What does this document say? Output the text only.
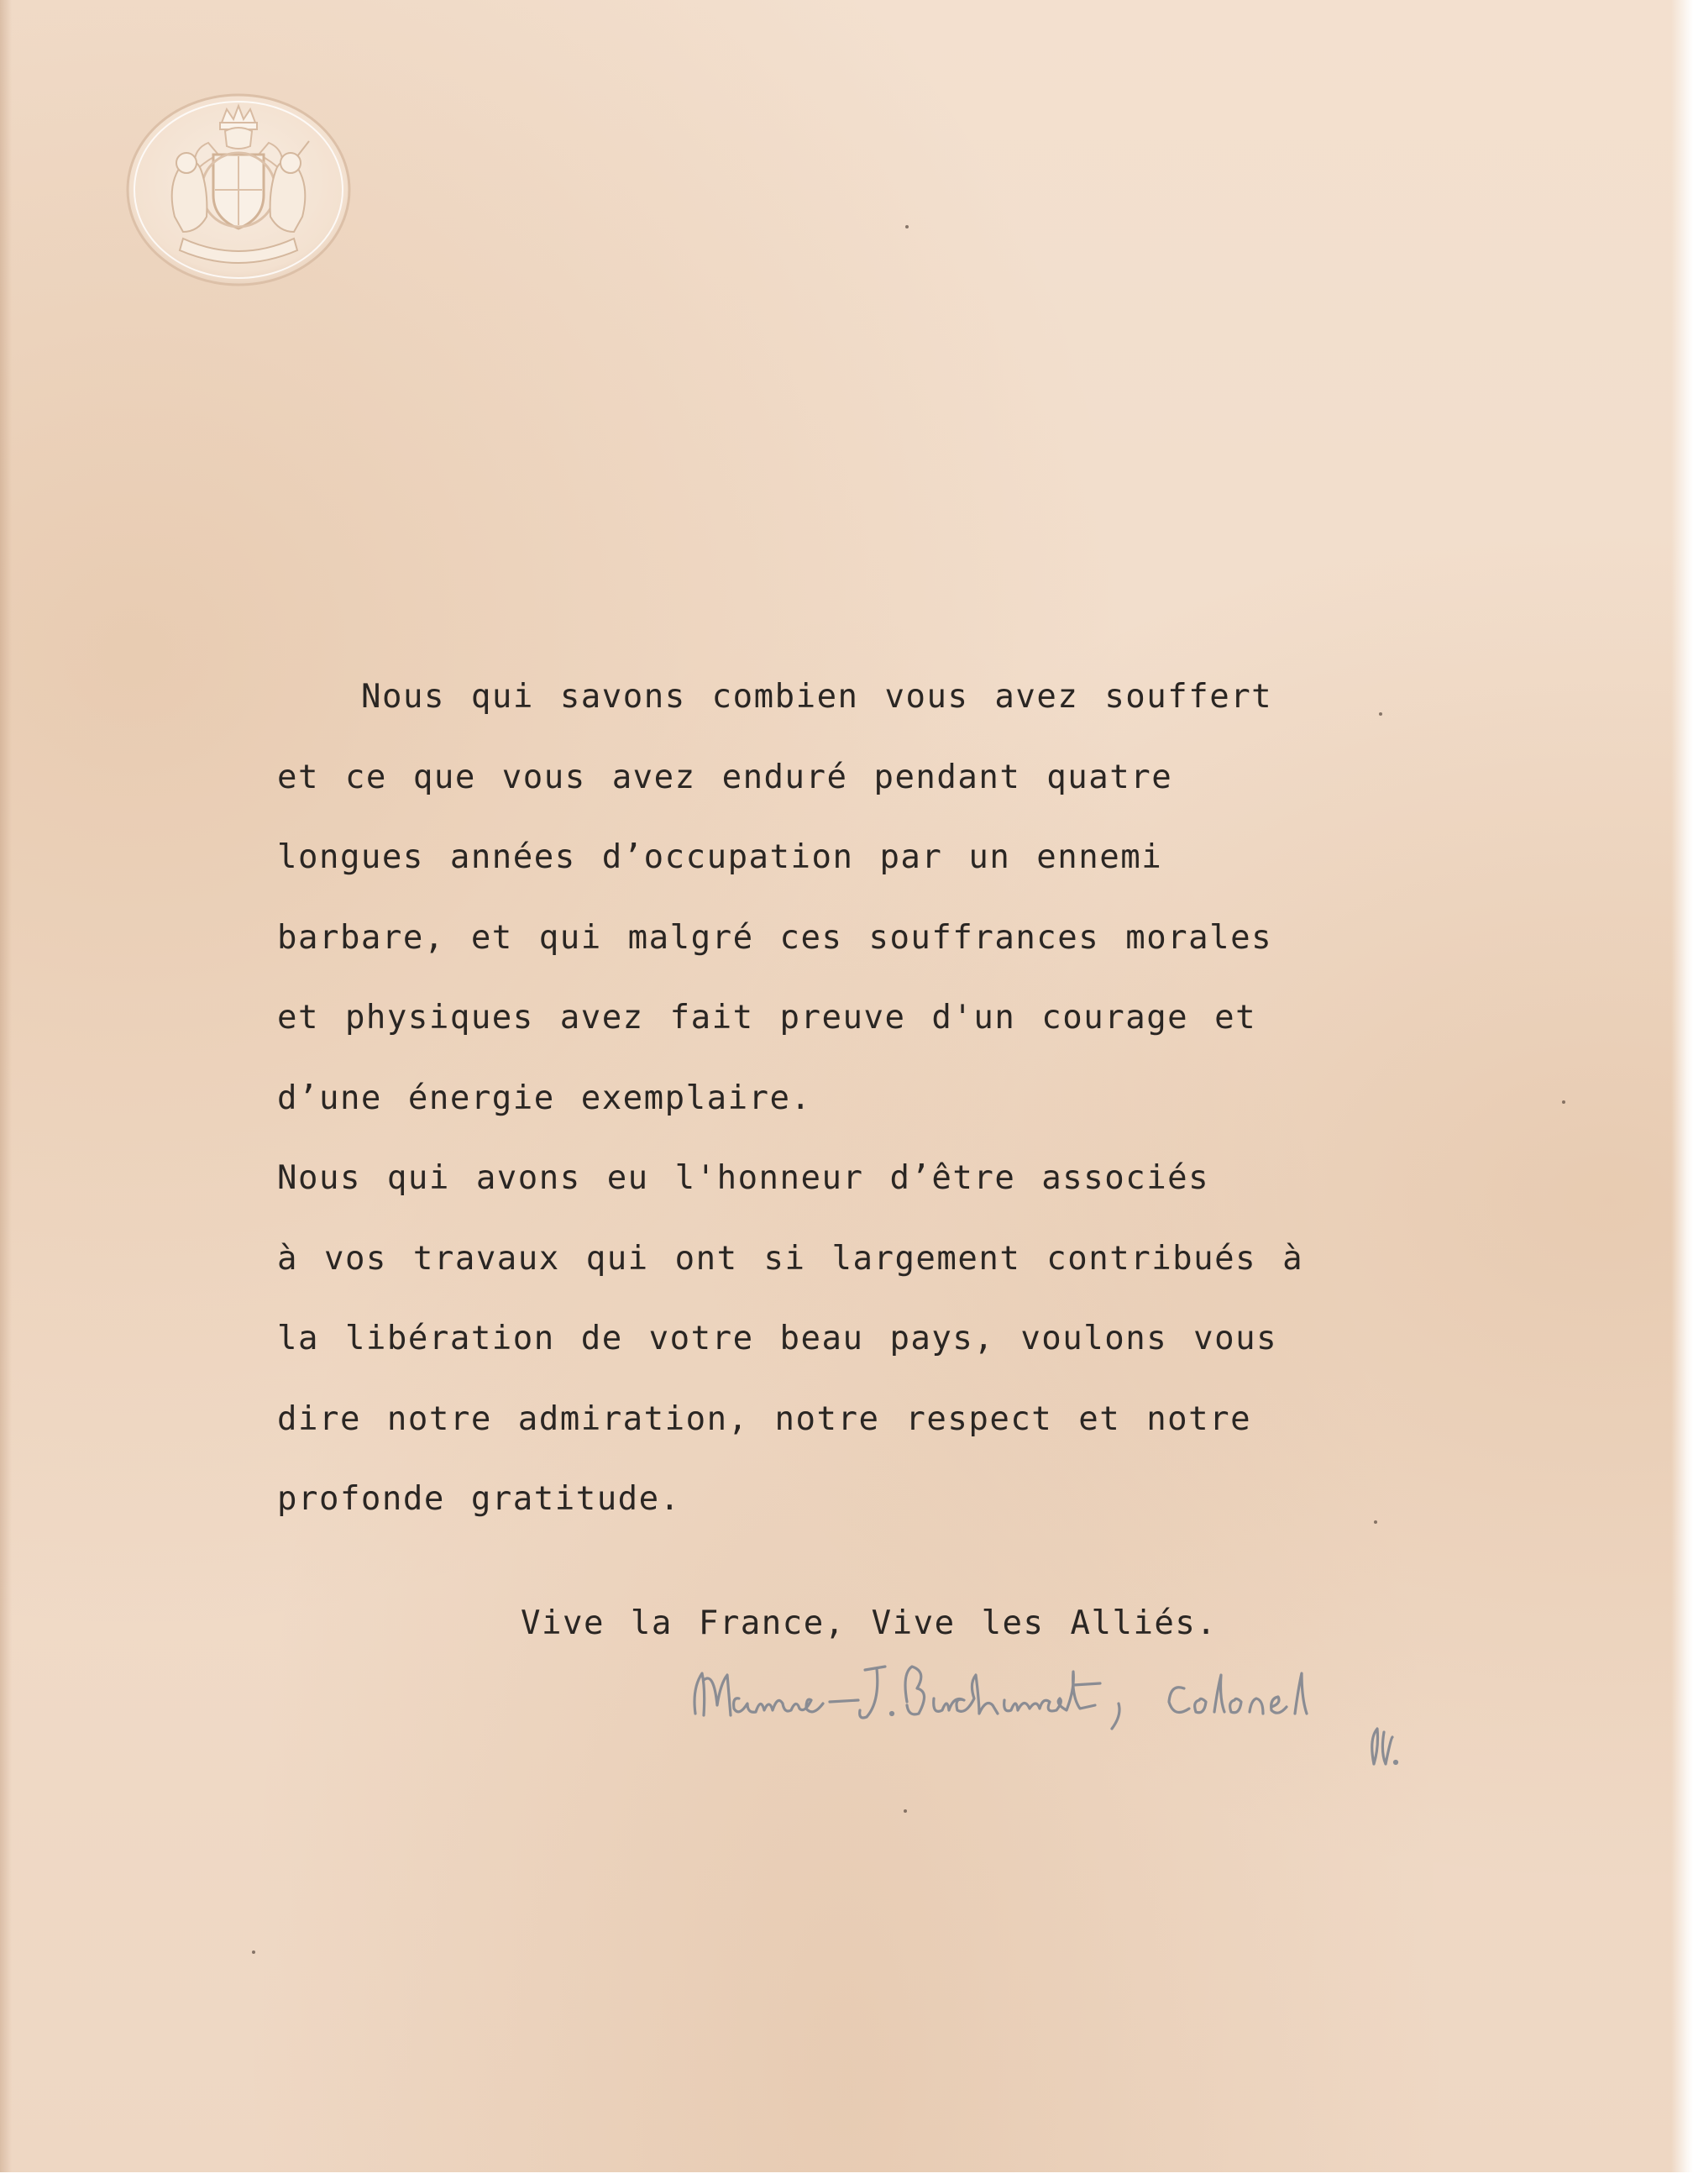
Nous qui savons combien vous avez souffert

et ce que vous avez enduré pendant quatre

longues années d’occupation par un ennemi

barbare, et qui malgré ces souffrances morales

et physiques avez fait preuve d'un courage et

d’une énergie exemplaire.

Nous qui avons eu l'honneur d’être associés

à vos travaux qui ont si largement contribués à

la libération de votre beau pays, voulons vous

dire notre admiration, notre respect et notre

profonde gratitude.

Vive la France, Vive les Alliés.
